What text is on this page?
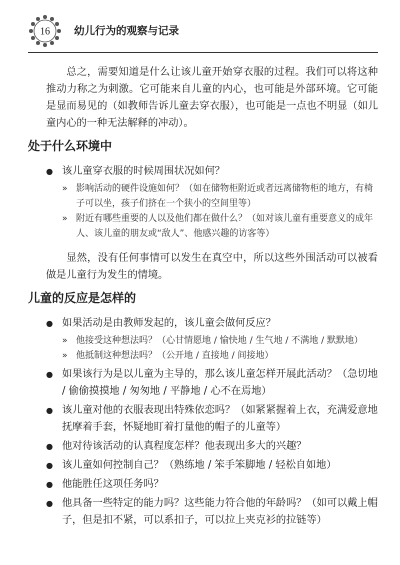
16 幼儿行为的观察与记录

总之，需要知道是什么让该儿童开始穿衣服的过程。我们可以将这种推动力称之为刺激。它可能来自儿童的内心，也可能是外部环境。它可能是显而易见的（如教师告诉儿童去穿衣服），也可能是一点也不明显（如儿童内心的一种无法解释的冲动）。

处于什么环境中
● 该儿童穿衣服的时候周围状况如何？
» 影响活动的硬件设施如何？（如在储物柜附近或者远离储物柜的地方，有椅子可以坐，孩子们挤在一个狭小的空间里等）
» 附近有哪些重要的人以及他们都在做什么？（如对该儿童有重要意义的成年人、该儿童的朋友或“敌人”、他感兴趣的访客等）

显然，没有任何事情可以发生在真空中，所以这些外围活动可以被看做是儿童行为发生的情境。

儿童的反应是怎样的
● 如果活动是由教师发起的，该儿童会做何反应？
» 他接受这种想法吗？（心甘情愿地 / 愉快地 / 生气地 / 不满地 / 默默地）
» 他抵制这种想法吗？（公开地 / 直接地 / 间接地）
● 如果该行为是以儿童为主导的，那么该儿童怎样开展此活动？（急切地 / 偷偷摸摸地 / 匆匆地 / 平静地 / 心不在焉地）
● 该儿童对他的衣服表现出特殊依恋吗？（如紧紧握着上衣，充满爱意地抚摩着手套，怀疑地盯着打量他的帽子的儿童等）
● 他对待该活动的认真程度怎样？他表现出多大的兴趣？
● 该儿童如何控制自己？（熟练地 / 笨手笨脚地 / 轻松自如地）
● 他能胜任这项任务吗？
● 他具备一些特定的能力吗？这些能力符合他的年龄吗？（如可以戴上帽子，但是扣不紧，可以系扣子，可以拉上夹克衫的拉链等）
